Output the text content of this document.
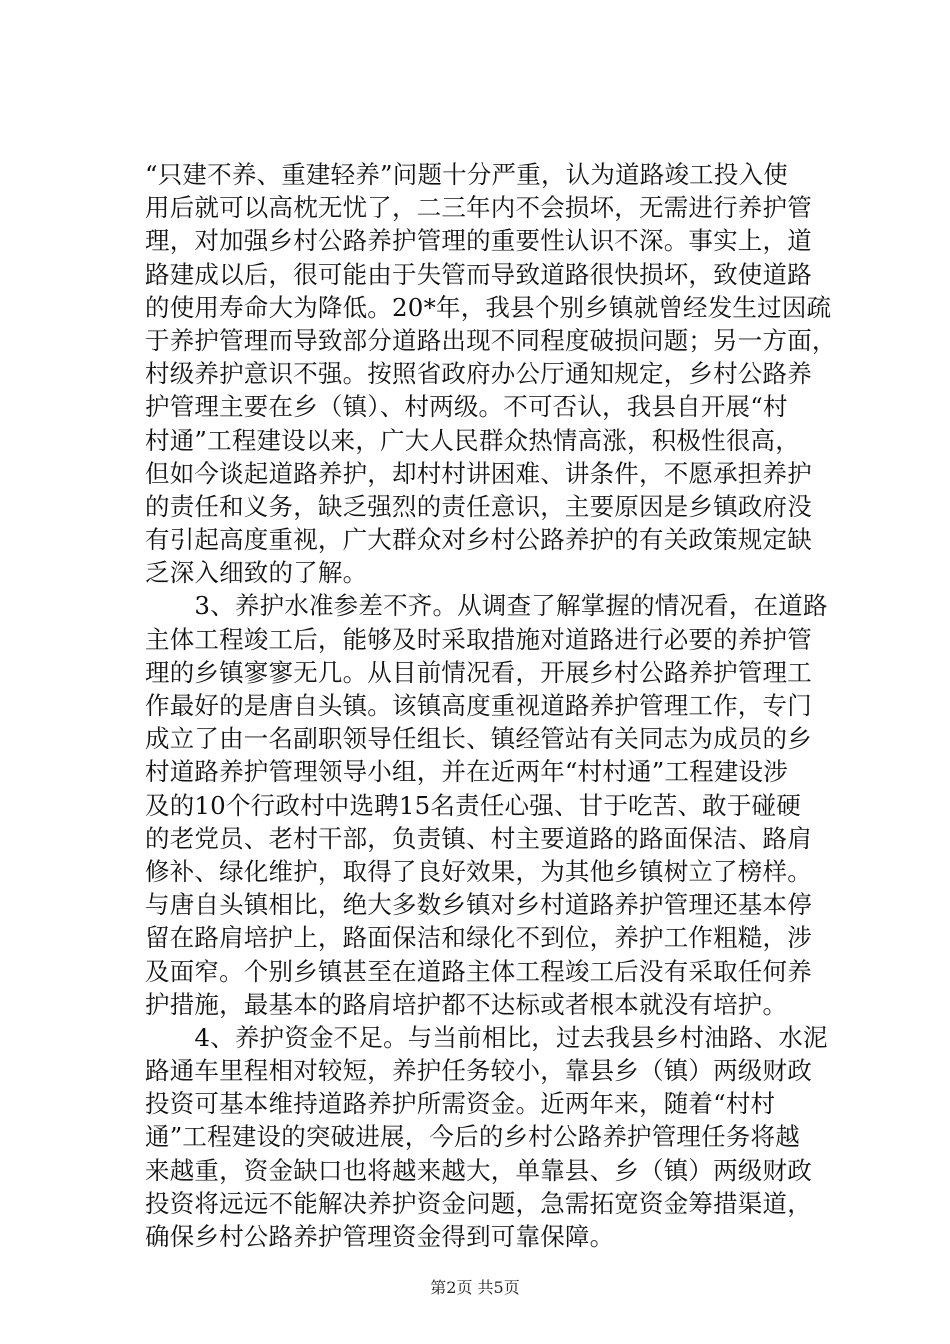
“只建不养、重建轻养”问题十分严重，认为道路竣工投入使
用后就可以高枕无忧了，二三年内不会损坏，无需进行养护管
理，对加强乡村公路养护管理的重要性认识不深。事实上，道
路建成以后，很可能由于失管而导致道路很快损坏，致使道路
的使用寿命大为降低。20*年，我县个别乡镇就曾经发生过因疏
于养护管理而导致部分道路出现不同程度破损问题；另一方面，
村级养护意识不强。按照省政府办公厅通知规定，乡村公路养
护管理主要在乡（镇）、村两级。不可否认，我县自开展“村
村通”工程建设以来，广大人民群众热情高涨，积极性很高，
但如今谈起道路养护，却村村讲困难、讲条件，不愿承担养护
的责任和义务，缺乏强烈的责任意识，主要原因是乡镇政府没
有引起高度重视，广大群众对乡村公路养护的有关政策规定缺
乏深入细致的了解。
　　3、养护水准参差不齐。从调查了解掌握的情况看，在道路
主体工程竣工后，能够及时采取措施对道路进行必要的养护管
理的乡镇寥寥无几。从目前情况看，开展乡村公路养护管理工
作最好的是唐自头镇。该镇高度重视道路养护管理工作，专门
成立了由一名副职领导任组长、镇经管站有关同志为成员的乡
村道路养护管理领导小组，并在近两年“村村通”工程建设涉
及的10个行政村中选聘15名责任心强、甘于吃苦、敢于碰硬
的老党员、老村干部，负责镇、村主要道路的路面保洁、路肩
修补、绿化维护，取得了良好效果，为其他乡镇树立了榜样。
与唐自头镇相比，绝大多数乡镇对乡村道路养护管理还基本停
留在路肩培护上，路面保洁和绿化不到位，养护工作粗糙，涉
及面窄。个别乡镇甚至在道路主体工程竣工后没有采取任何养
护措施，最基本的路肩培护都不达标或者根本就没有培护。
　　4、养护资金不足。与当前相比，过去我县乡村油路、水泥
路通车里程相对较短，养护任务较小，靠县乡（镇）两级财政
投资可基本维持道路养护所需资金。近两年来，随着“村村
通”工程建设的突破进展，今后的乡村公路养护管理任务将越
来越重，资金缺口也将越来越大，单靠县、乡（镇）两级财政
投资将远远不能解决养护资金问题，急需拓宽资金筹措渠道，
确保乡村公路养护管理资金得到可靠保障。
第2页 共5页
